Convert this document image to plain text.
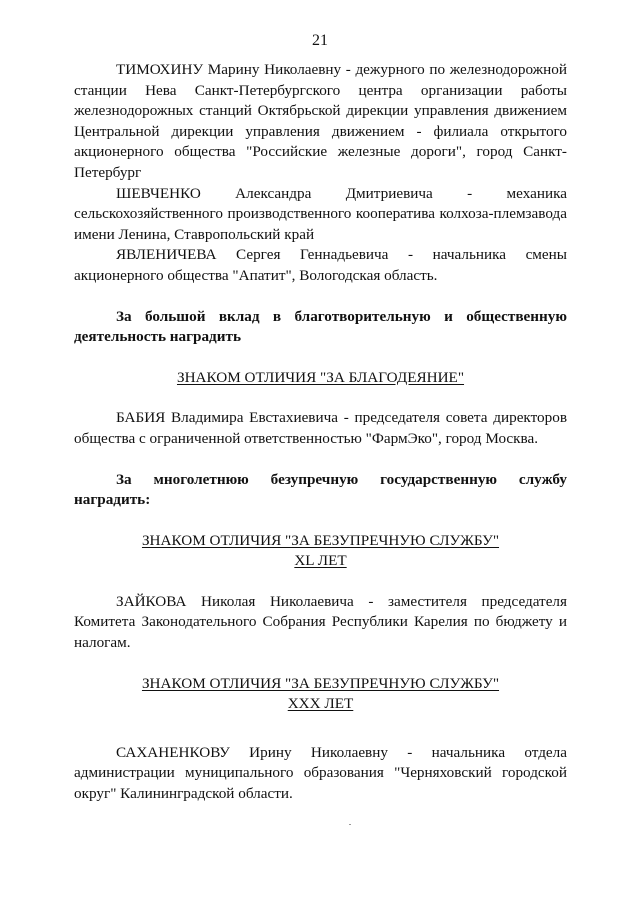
21

ТИМОХИНУ Марину Николаевну - дежурного по железнодорожной станции Нева Санкт-Петербургского центра организации работы железнодорожных станций Октябрьской дирекции управления движением Центральной дирекции управления движением - филиала открытого акционерного общества "Российские железные дороги", город Санкт-Петербург

ШЕВЧЕНКО Александра Дмитриевича - механика сельскохозяйственного производственного кооператива колхоза-племзавода имени Ленина, Ставропольский край

ЯВЛЕНИЧЕВА Сергея Геннадьевича - начальника смены акционерного общества "Апатит", Вологодская область.

За большой вклад в благотворительную и общественную деятельность наградить

ЗНАКОМ ОТЛИЧИЯ "ЗА БЛАГОДЕЯНИЕ"

БАБИЯ Владимира Евстахиевича - председателя совета директоров общества с ограниченной ответственностью "ФармЭко", город Москва.

За многолетнюю безупречную государственную службу наградить:

ЗНАКОМ ОТЛИЧИЯ "ЗА БЕЗУПРЕЧНУЮ СЛУЖБУ"
XL ЛЕТ

ЗАЙКОВА Николая Николаевича - заместителя председателя Комитета Законодательного Собрания Республики Карелия по бюджету и налогам.

ЗНАКОМ ОТЛИЧИЯ "ЗА БЕЗУПРЕЧНУЮ СЛУЖБУ"
XXX ЛЕТ

САХАНЕНКОВУ Ирину Николаевну - начальника отдела администрации муниципального образования "Черняховский городской округ" Калининградской области.
